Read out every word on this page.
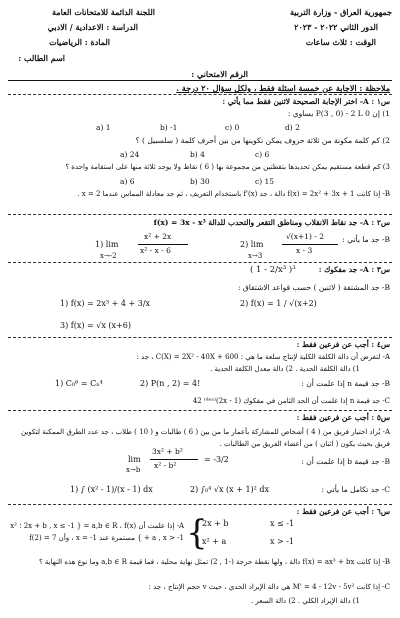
جمهورية العراق - وزارة التربية
الدور الثاني ٢٠٢٢ - ٢٠٢٣
الوقت : ثلاث ساعات
اللجنة الدائمة للامتحانات العامة
الدراسة : الاعدادية / الادبي
المادة : الرياضيات
اسم الطالب :
الرقم الامتحاني :
ملاحظة : الاجابة عن خمسة اسئلة فقط ، ولكل سؤال ٢٠ درجة .
س١ : A- اختر الإجابة الصحيحة لاثنين فقط مما يأتي :
1) إن P(3 , 0) - 2 L 0 يساوي :
a) 1	b) -1	c) 0	d) 2
2) كم كلمة مكونة من ثلاثة حروف يمكن تكوينها من بين أحرف كلمة ( سلسبيل ) ؟
a) 24	b) 4	c) 6
3) كم قطعة مستقيم يمكن تحديدها بتقطتين من مجموعة بها ( 6 ) نقاط ولا يوجد ثلاثة منها على استقامة واحدة ؟
a) 6	b) 30	c) 15
B- إذا كانت f(x) = 2x² + 3x + 1 دالة ، جد f'(x) باستخدام التعريف ، ثم جد معادلة المماس عندما x = 2 .
س٢ : A- جد نقاط الانقلاب ومناطق التقعر والتحدب للدالة f(x) = 3x - x³
B- جد ما يأتي :
1) lim
x→-2
x² + 2x
x² - x - 6
2) lim
x→3
√(x+1) - 2
x - 3
س٣ : A- جد مفكوك :
( 1 - 2/x³ )³
B- جد المشتقة ( لاثنين ) حسب قواعد الاشتقاق :
1) f(x) = 2x³ + 4 + 3/x	2) f(x) = 1 / √(x+2)
3) f(x) = √x (x+6)
س٤ : أجب عن فرعين فقط :
A- لتفرض أن دالة الكلفة الكلية لإنتاج سلعة ما هي : C(X) = 2X² - 40X + 600 ، جد :
1) دالة الكلفة الحدية . 2) دالة معدل الكلفة الحدية .
B- جد قيمة n إذا علمت أن :
1) C₀⁶ = Cₙ⁴	2) P(n , 2) = 4!
C- جد قيمة n إذا علمت أن الحد الثامن في مفكوك (2x - 1)⁽ᵈᵉⁿ⁾ 42
س٥ : أجب عن فرعين فقط :
A- يُراد اختيار فريق من ( 4 ) أشخاص للمشاركة بأعمار ما من بين ( 6 ) طالبات و ( 10 ) طلاب ، جد عدد الطرق الممكنة لتكوين فريق بحيث يكون ( اثنان ) من أعضاء الفريق من الطالبات .
B- جد قيمة b إذا علمت أن :
lim
x→b
3x² + b²
x² - b²
= -3/2
C- جد تكامل ما يأتي :
1) ∫ (x² - 1)/(x - 1) dx	2) ∫₀⁴ √x (x + 1)² dx
س٦ : أجب عن فرعين فقط :
{
2x + b	x ≤ -1
x² + a	x > -1
A- إذا علمت أن a,b ∈ R ، f(x) = { 2x + b , x ≤ -1 ؛ x² + a , x > -1 } مستمرة عند x = -1 ، وأن f(2) = 7
B- إذا كانت f(x) = ax³ + bx دالة ، ولها نقطة حرجة (-1 , 2) تمثل نهاية محلية ، فما قيمة a,b ∈ R وما نوع هذه النهاية ؟
C- إذا كانت M' = 4 - 12v - 5v² هي دالة الإيراد الحدي ، حيث v حجم الإنتاج ، جد :
1) دالة الإيراد الكلي . 2) دالة السعر .
